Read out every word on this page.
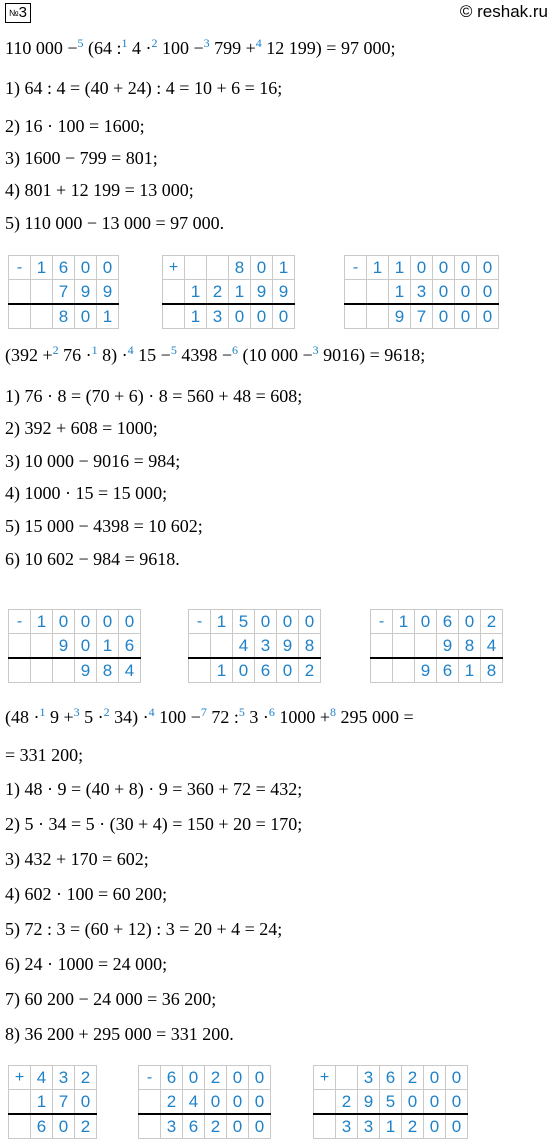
№3	© reshak.ru
110 000 −$^5$ (64 :$^1$ 4 ·$^2$ 100 −$^3$ 799 +$^4$ 12 199) = 97 000;
1) 64 : 4 = (40 + 24) : 4 = 10 + 6 = 16;
2) 16 · 100 = 1600;
3) 1600 − 799 = 801;
4) 801 + 12 199 = 13 000;
5) 110 000 − 13 000 = 97 000.
(392 +$^2$ 76 ·$^1$ 8) ·$^4$ 15 −$^5$ 4398 −$^6$ (10 000 −$^3$ 9016) = 9618;
1) 76 · 8 = (70 + 6) · 8 = 560 + 48 = 608;
2) 392 + 608 = 1000;
3) 10 000 − 9016 = 984;
4) 1000 · 15 = 15 000;
5) 15 000 − 4398 = 10 602;
6) 10 602 − 984 = 9618.
(48 ·$^1$ 9 +$^3$ 5 ·$^2$ 34) ·$^4$ 100 −$^7$ 72 :$^5$ 3 ·$^6$ 1000 +$^8$ 295 000 =
= 331 200;
1) 48 · 9 = (40 + 8) · 9 = 360 + 72 = 432;
2) 5 · 34 = 5 · (30 + 4) = 150 + 20 = 170;
3) 432 + 170 = 602;
4) 602 · 100 = 60 200;
5) 72 : 3 = (60 + 12) : 3 = 20 + 4 = 24;
6) 24 · 1000 = 24 000;
7) 60 200 − 24 000 = 36 200;
8) 36 200 + 295 000 = 331 200.
-	1	6	0	0
		7	9	9
		8	0	1
+			8	0	1
	1	2	1	9	9
	1	3	0	0	0
-	1	1	0	0	0	0
		1	3	0	0	0
		9	7	0	0	0
-	1	0	0	0	0
		9	0	1	6
			9	8	4
-	1	5	0	0	0
		4	3	9	8
	1	0	6	0	2
-	1	0	6	0	2
			9	8	4
		9	6	1	8
+	4	3	2
	1	7	0
	6	0	2
-	6	0	2	0	0
	2	4	0	0	0
	3	6	2	0	0
+		3	6	2	0	0
	2	9	5	0	0	0
	3	3	1	2	0	0
